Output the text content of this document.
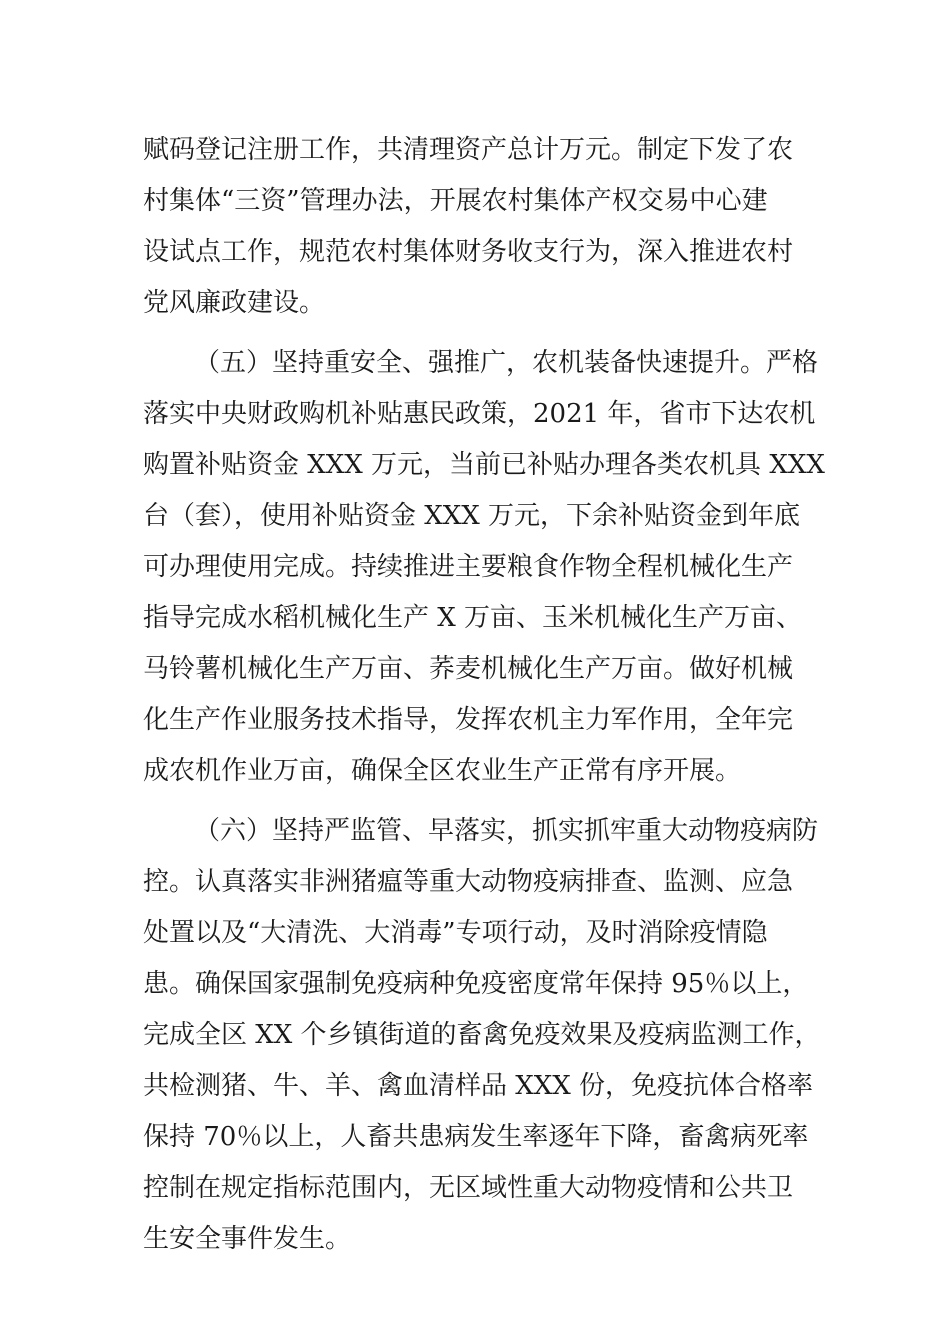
赋码登记注册工作，共清理资产总计万元。制定下发了农
村集体“三资”管理办法，开展农村集体产权交易中心建
设试点工作，规范农村集体财务收支行为，深入推进农村
党风廉政建设。
（五）坚持重安全、强推广，农机装备快速提升。严格
落实中央财政购机补贴惠民政策，2021 年，省市下达农机
购置补贴资金 XXX 万元，当前已补贴办理各类农机具 XXX
台（套），使用补贴资金 XXX 万元，下余补贴资金到年底
可办理使用完成。持续推进主要粮食作物全程机械化生产
指导完成水稻机械化生产 X 万亩、玉米机械化生产万亩、
马铃薯机械化生产万亩、荞麦机械化生产万亩。做好机械
化生产作业服务技术指导，发挥农机主力军作用，全年完
成农机作业万亩，确保全区农业生产正常有序开展。
（六）坚持严监管、早落实，抓实抓牢重大动物疫病防
控。认真落实非洲猪瘟等重大动物疫病排查、监测、应急
处置以及“大清洗、大消毒”专项行动，及时消除疫情隐
患。确保国家强制免疫病种免疫密度常年保持 95％以上，
完成全区 XX 个乡镇街道的畜禽免疫效果及疫病监测工作，
共检测猪、牛、羊、禽血清样品 XXX 份，免疫抗体合格率
保持 70％以上，人畜共患病发生率逐年下降，畜禽病死率
控制在规定指标范围内，无区域性重大动物疫情和公共卫
生安全事件发生。
